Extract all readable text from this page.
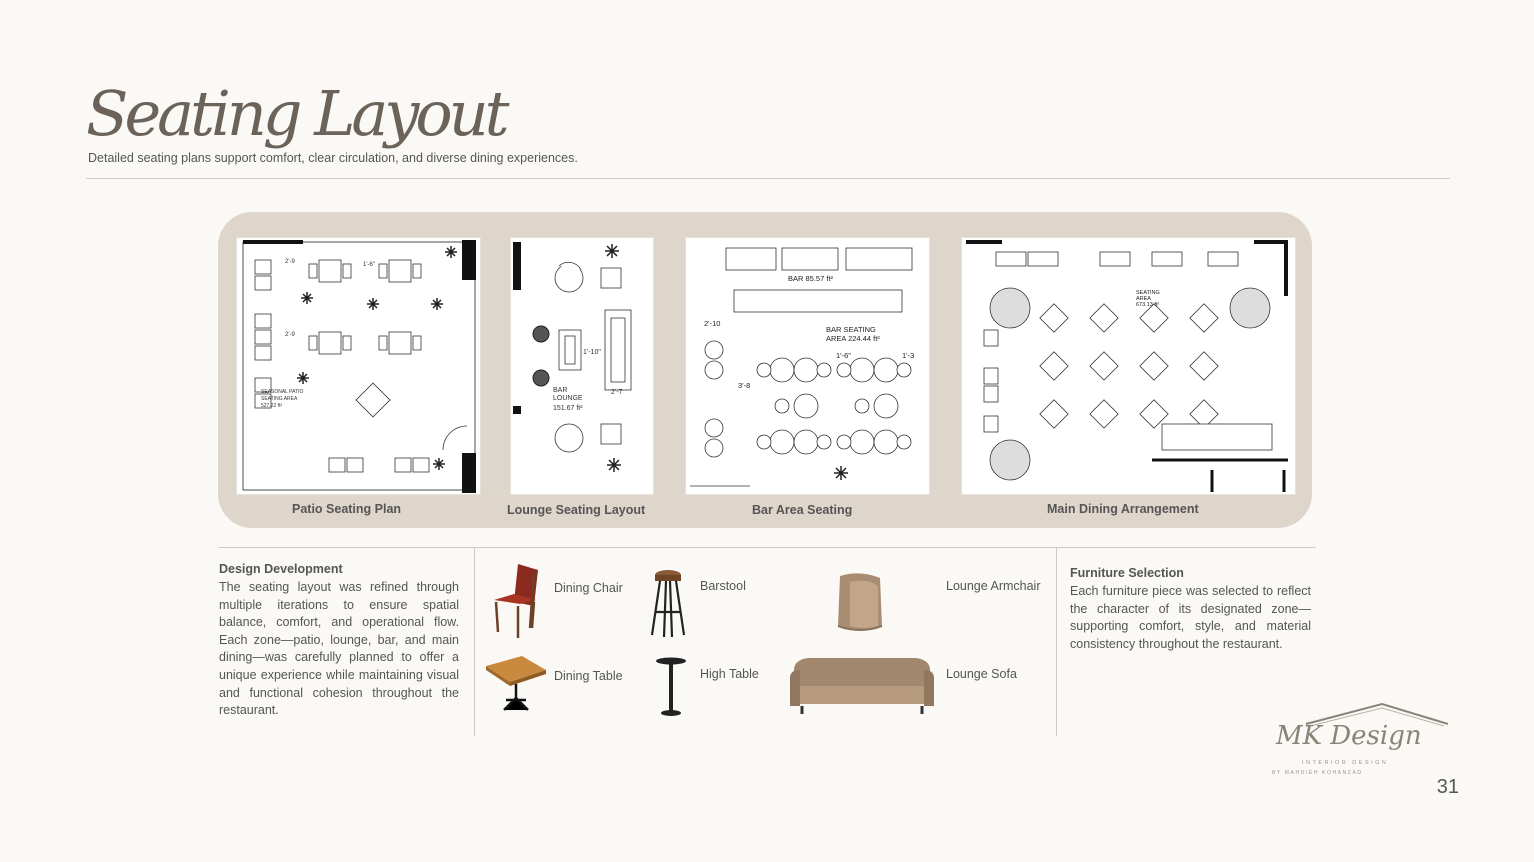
Seating Layout
Detailed seating plans support comfort, clear circulation, and diverse dining experiences.
1'-6"
2'-9
2'-9
SEASONAL PATIO
SEATING AREA
527.22 ft²
Patio Seating Plan
1'-10"
2'-7
BAR
LOUNGE
151.67 ft²
Lounge Seating Layout
BAR 85.57 ft²
BAR SEATING
AREA 224.44 ft²
2'-10
3'-8
1'-6"	1'-3
Bar Area Seating
SEATING
AREA
673.13 ft²
Main Dining Arrangement
Design Development
The seating layout was refined through multiple iterations to ensure spatial balance, comfort, and operational flow. Each zone—patio, lounge, bar, and main dining—was carefully planned to offer a unique experience while maintaining visual and functional cohesion throughout the restaurant.
Dining Chair	Barstool	Lounge Armchair
Dining Table	High Table	Lounge Sofa
Furniture Selection
Each furniture piece was selected to reflect the character of its designated zone—supporting comfort, style, and material consistency throughout the restaurant.
MK Design
INTERIOR DESIGN
BY MAHDIEH KOHANZAD
31
